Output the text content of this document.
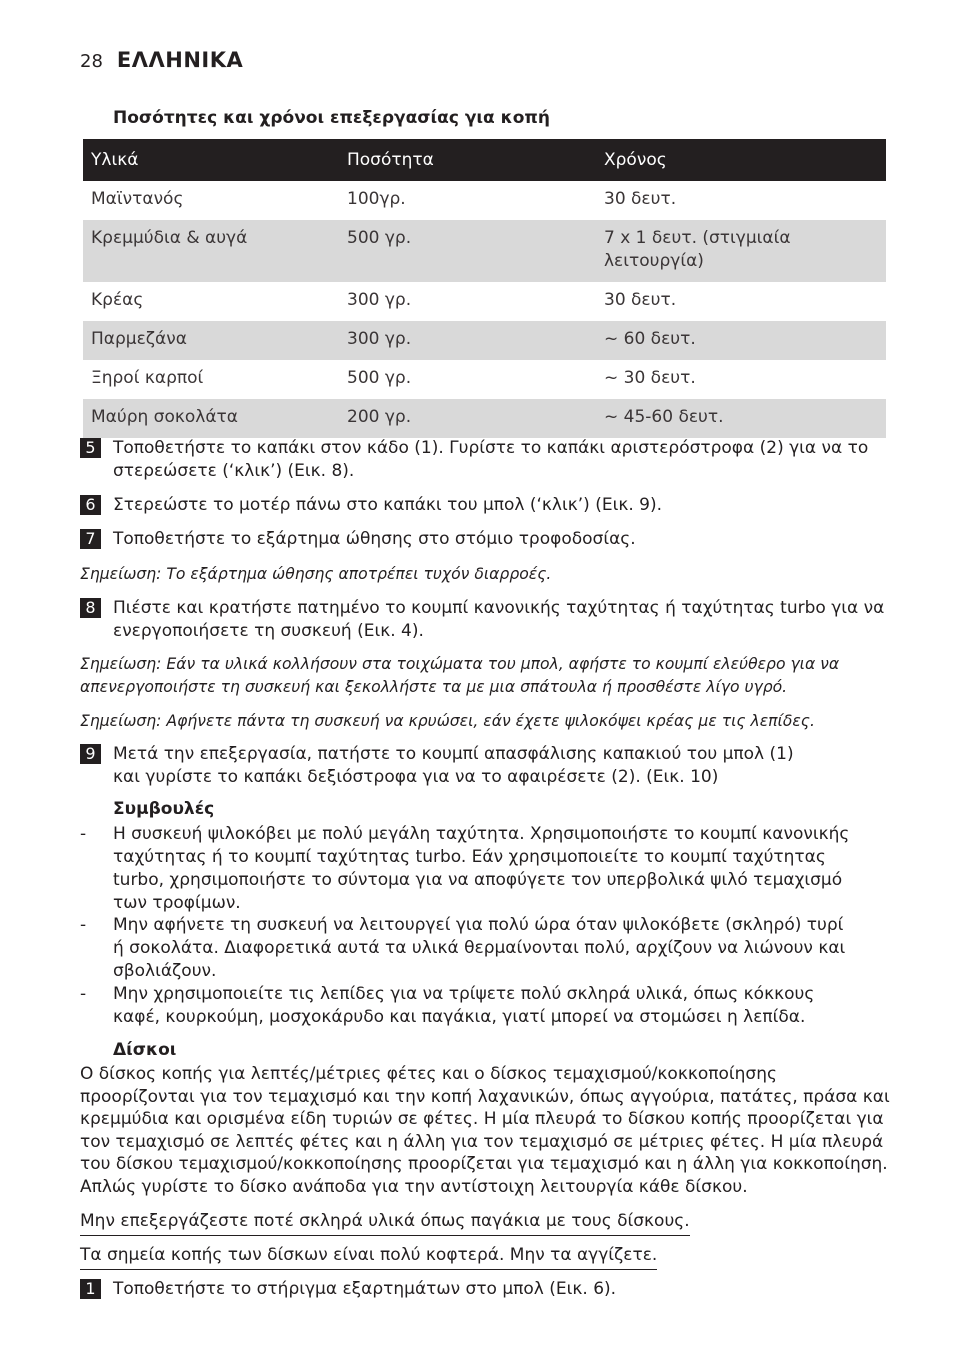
28 ΕΛΛΗΝΙΚΑ
Ποσότητες και χρόνοι επεξεργασίας για κοπή
Υλικά	Ποσότητα	Χρόνος
Μαϊντανός	100γρ.	30 δευτ.
Κρεμμύδια & αυγά	500 γρ.	7 x 1 δευτ. (στιγμιαία λειτουργία)
Κρέας	300 γρ.	30 δευτ.
Παρμεζάνα	300 γρ.	~ 60 δευτ.
Ξηροί καρποί	500 γρ.	~ 30 δευτ.
Μαύρη σοκολάτα	200 γρ.	~ 45-60 δευτ.
5	Τοποθετήστε το καπάκι στον κάδο (1). Γυρίστε το καπάκι αριστερόστροφα (2) για να το στερεώσετε (‘κλικ’) (Εικ. 8).
6	Στερεώστε το μοτέρ πάνω στο καπάκι του μπολ (‘κλικ’) (Εικ. 9).
7	Τοποθετήστε το εξάρτημα ώθησης στο στόμιο τροφοδοσίας.
Σημείωση: Το εξάρτημα ώθησης αποτρέπει τυχόν διαρροές.
8	Πιέστε και κρατήστε πατημένο το κουμπί κανονικής ταχύτητας ή ταχύτητας turbo για να ενεργοποιήσετε τη συσκευή (Εικ. 4).
Σημείωση: Εάν τα υλικά κολλήσουν στα τοιχώματα του μπολ, αφήστε το κουμπί ελεύθερο για να απενεργοποιήστε τη συσκευή και ξεκολλήστε τα με μια σπάτουλα ή προσθέστε λίγο υγρό.
Σημείωση: Αφήνετε πάντα τη συσκευή να κρυώσει, εάν έχετε ψιλοκόψει κρέας με τις λεπίδες.
9	Μετά την επεξεργασία, πατήστε το κουμπί απασφάλισης καπακιού του μπολ (1) και γυρίστε το καπάκι δεξιόστροφα για να το αφαιρέσετε (2). (Εικ. 10)
Συμβουλές
-	Η συσκευή ψιλοκόβει με πολύ μεγάλη ταχύτητα. Χρησιμοποιήστε το κουμπί κανονικής ταχύτητας ή το κουμπί ταχύτητας turbo. Εάν χρησιμοποιείτε το κουμπί ταχύτητας turbo, χρησιμοποιήστε το σύντομα για να αποφύγετε τον υπερβολικά ψιλό τεμαχισμό των τροφίμων.
-	Μην αφήνετε τη συσκευή να λειτουργεί για πολύ ώρα όταν ψιλοκόβετε (σκληρό) τυρί ή σοκολάτα. Διαφορετικά αυτά τα υλικά θερμαίνονται πολύ, αρχίζουν να λιώνουν και σβολιάζουν.
-	Μην χρησιμοποιείτε τις λεπίδες για να τρίψετε πολύ σκληρά υλικά, όπως κόκκους καφέ, κουρκούμη, μοσχοκάρυδο και παγάκια, γιατί μπορεί να στομώσει η λεπίδα.
Δίσκοι
Ο δίσκος κοπής για λεπτές/μέτριες φέτες και ο δίσκος τεμαχισμού/κοκκοποίησης προορίζονται για τον τεμαχισμό και την κοπή λαχανικών, όπως αγγούρια, πατάτες, πράσα και κρεμμύδια και ορισμένα είδη τυριών σε φέτες. Η μία πλευρά το δίσκου κοπής προορίζεται για τον τεμαχισμό σε λεπτές φέτες και η άλλη για τον τεμαχισμό σε μέτριες φέτες. Η μία πλευρά του δίσκου τεμαχισμού/κοκκοποίησης προορίζεται για τεμαχισμό και η άλλη για κοκκοποίηση. Απλώς γυρίστε το δίσκο ανάποδα για την αντίστοιχη λειτουργία κάθε δίσκου.
Μην επεξεργάζεστε ποτέ σκληρά υλικά όπως παγάκια με τους δίσκους.
Τα σημεία κοπής των δίσκων είναι πολύ κοφτερά. Μην τα αγγίζετε.
1	Τοποθετήστε το στήριγμα εξαρτημάτων στο μπολ (Εικ. 6).
